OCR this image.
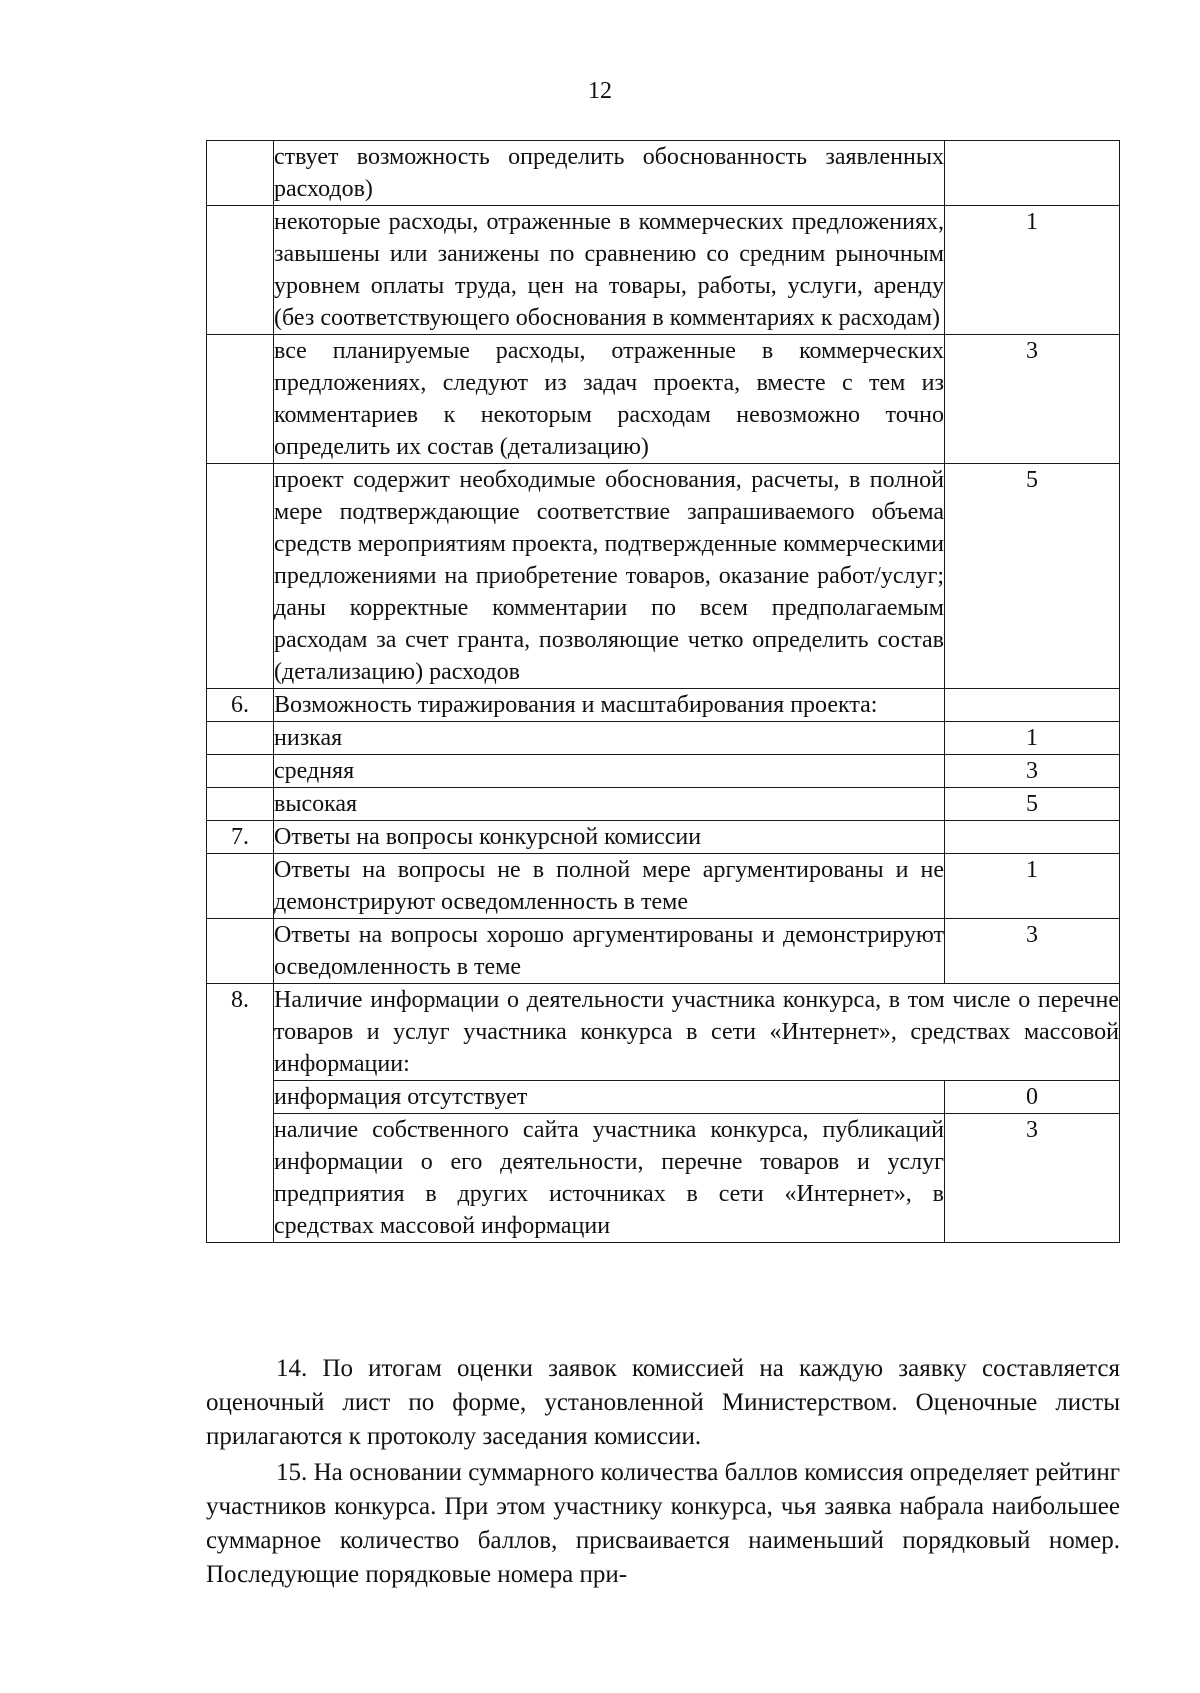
12
	ствует возможность определить обоснованность заявленных расходов)	
	некоторые расходы, отраженные в коммерческих предложениях, завышены или занижены по сравнению со средним рыночным уровнем оплаты труда, цен на товары, работы, услуги, аренду (без соответствующего обоснования в комментариях к расходам)	1
	все планируемые расходы, отраженные в коммерческих предложениях, следуют из задач проекта, вместе с тем из комментариев к некоторым расходам невозможно точно определить их состав (детализацию)	3
	проект содержит необходимые обоснования, расчеты, в полной мере подтверждающие соответствие запрашиваемого объема средств мероприятиям проекта, подтвержденные коммерческими предложениями на приобретение товаров, оказание работ/услуг; даны корректные комментарии по всем предполагаемым расходам за счет гранта, позволяющие четко определить состав (детализацию) расходов	5
6.	Возможность тиражирования и масштабирования проекта:	
	низкая	1
	средняя	3
	высокая	5
7.	Ответы на вопросы конкурсной комиссии	
	Ответы на вопросы не в полной мере аргументированы и не демонстрируют осведомленность в теме	1
	Ответы на вопросы хорошо аргументированы и демонстрируют осведомленность в теме	3
8.	Наличие информации о деятельности участника конкурса, в том числе о перечне товаров и услуг участника конкурса в сети «Интернет», средствах массовой информации:	
	информация отсутствует	0
	наличие собственного сайта участника конкурса, публикаций информации о его деятельности, перечне товаров и услуг предприятия в других источниках в сети «Интернет», в средствах массовой информации	3

14. По итогам оценки заявок комиссией на каждую заявку составляется оценочный лист по форме, установленной Министерством. Оценочные листы прилагаются к протоколу заседания комиссии.

15. На основании суммарного количества баллов комиссия определяет рейтинг участников конкурса. При этом участнику конкурса, чья заявка набрала наибольшее суммарное количество баллов, присваивается наименьший порядковый номер. Последующие порядковые номера при-
